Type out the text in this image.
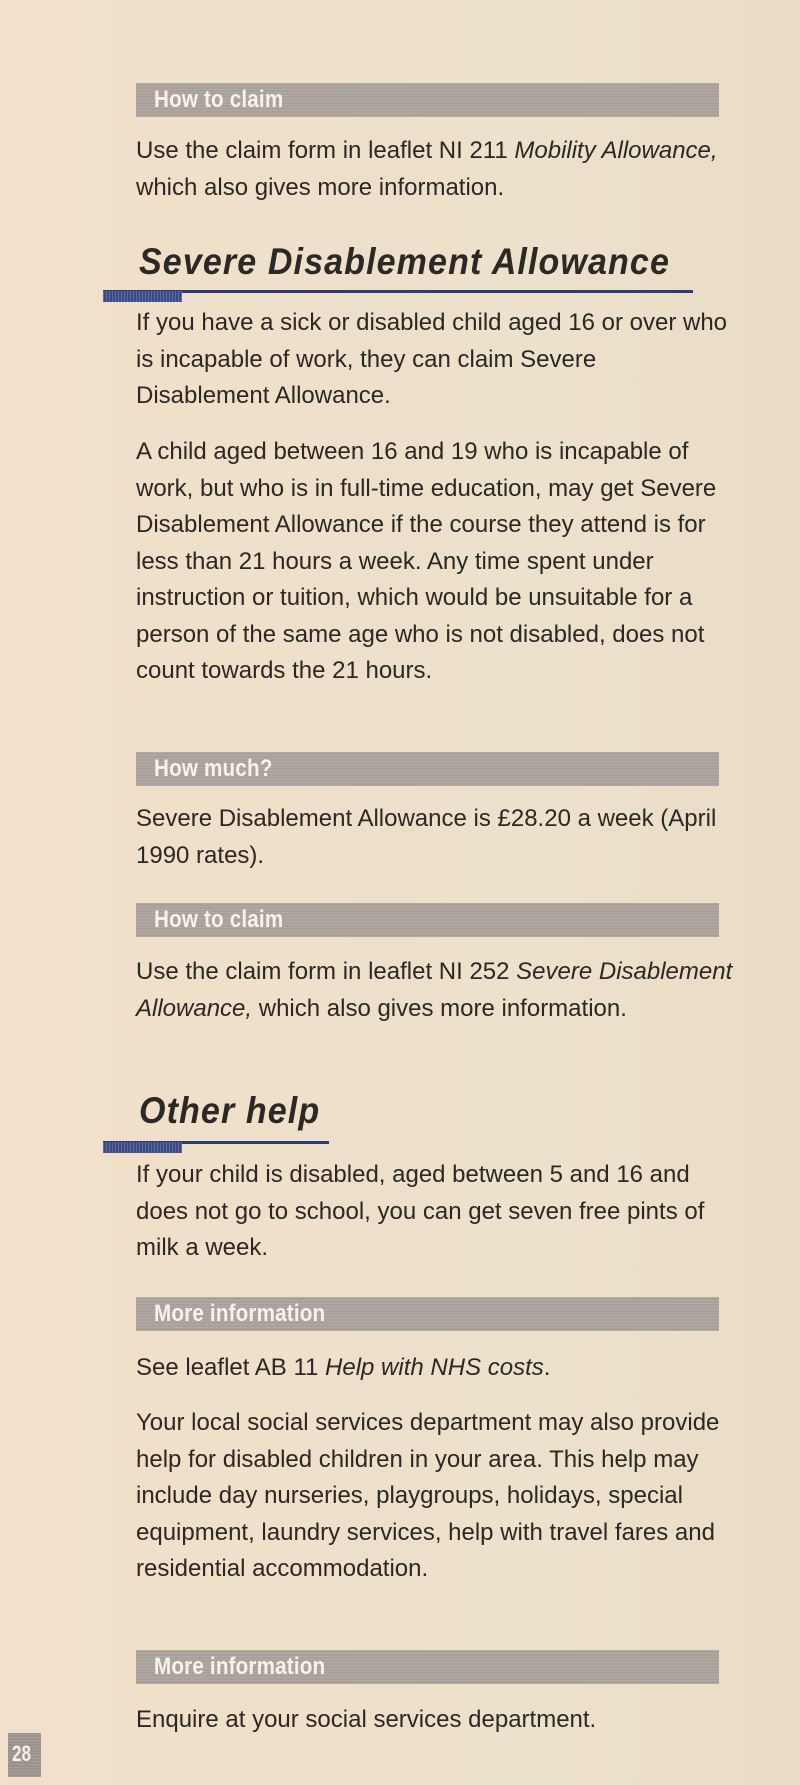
How to claim
Use the claim form in leaflet NI 211 Mobility Allowance, which also gives more information.
Severe Disablement Allowance
If you have a sick or disabled child aged 16 or over who is incapable of work, they can claim Severe Disablement Allowance.
A child aged between 16 and 19 who is incapable of work, but who is in full-time education, may get Severe Disablement Allowance if the course they attend is for less than 21 hours a week. Any time spent under instruction or tuition, which would be unsuitable for a person of the same age who is not disabled, does not count towards the 21 hours.
How much?
Severe Disablement Allowance is £28.20 a week (April 1990 rates).
How to claim
Use the claim form in leaflet NI 252 Severe Disablement Allowance, which also gives more information.
Other help
If your child is disabled, aged between 5 and 16 and does not go to school, you can get seven free pints of milk a week.
More information
See leaflet AB 11 Help with NHS costs.
Your local social services department may also provide help for disabled children in your area. This help may include day nurseries, playgroups, holidays, special equipment, laundry services, help with travel fares and residential accommodation.
More information
Enquire at your social services department.
28
